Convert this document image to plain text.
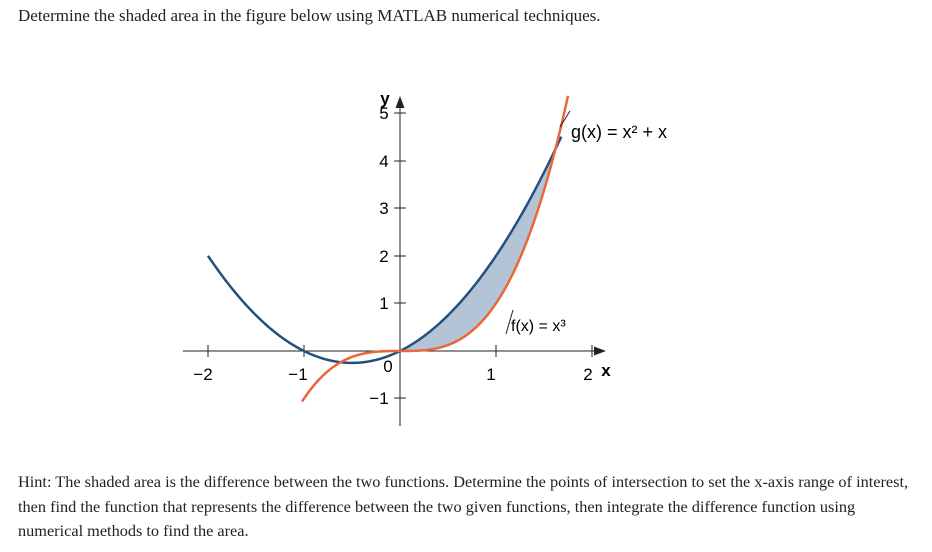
Determine the shaded area in the figure below using MATLAB numerical techniques.

y
x
5
4
3
2
1
−1
−2	−1	0	1	2
g(x) = x² + x
f(x) = x³

Hint: The shaded area is the difference between the two functions. Determine the points of intersection to set the x-axis range of interest, then find the function that represents the difference between the two given functions, then integrate the difference function using numerical methods to find the area.
